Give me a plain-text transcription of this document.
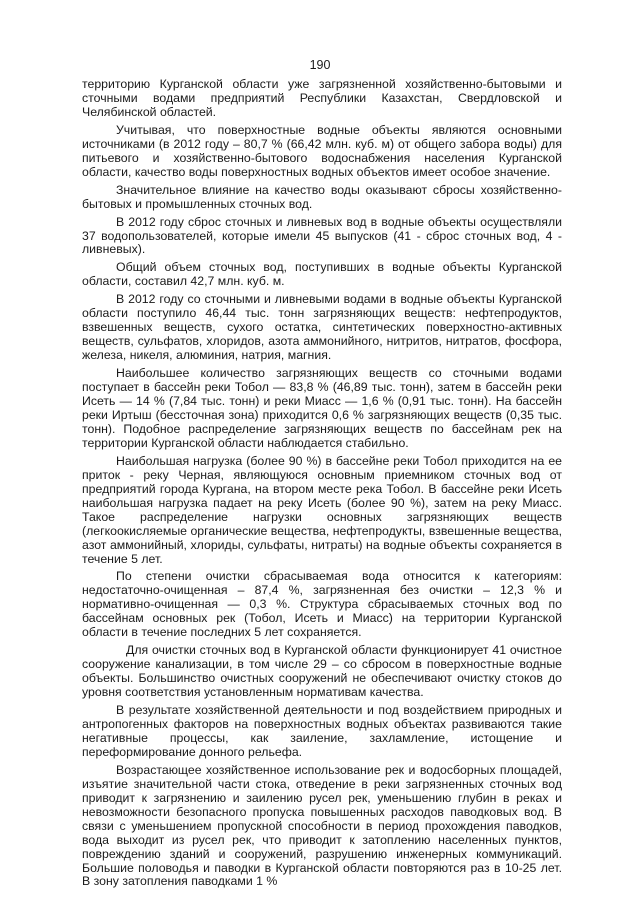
190

территорию Курганской области уже загрязненной хозяйственно-бытовыми и сточными водами предприятий Республики Казахстан, Свердловской и Челябинской областей.

Учитывая, что поверхностные водные объекты являются основными источниками (в 2012 году – 80,7 % (66,42 млн. куб. м) от общего забора воды) для питьевого и хозяйственно-бытового водоснабжения населения Курганской области, качество воды поверхностных водных объектов имеет особое значение.

Значительное влияние на качество воды оказывают сбросы хозяйственно-бытовых и промышленных сточных вод.

В 2012 году сброс сточных и ливневых вод в водные объекты осуществляли 37 водопользователей, которые имели 45 выпусков (41 - сброс сточных вод, 4 - ливневых).

Общий объем сточных вод, поступивших в водные объекты Курганской области, составил 42,7 млн. куб. м.

В 2012 году со сточными и ливневыми водами в водные объекты Курганской области поступило 46,44 тыс. тонн загрязняющих веществ: нефтепродуктов, взвешенных веществ, сухого остатка, синтетических поверхностно-активных веществ, сульфатов, хлоридов, азота аммонийного, нитритов, нитратов, фосфора, железа, никеля, алюминия, натрия, магния.

Наибольшее количество загрязняющих веществ со сточными водами поступает в бассейн реки Тобол — 83,8 % (46,89 тыс. тонн), затем в бассейн реки Исеть — 14 % (7,84 тыс. тонн) и реки Миасс — 1,6 % (0,91 тыс. тонн). На бассейн реки Иртыш (бессточная зона) приходится 0,6 % загрязняющих веществ (0,35 тыс. тонн). Подобное распределение загрязняющих веществ по бассейнам рек на территории Курганской области наблюдается стабильно.

Наибольшая нагрузка (более 90 %) в бассейне реки Тобол приходится на ее приток - реку Черная, являющуюся основным приемником сточных вод от предприятий города Кургана, на втором месте река Тобол. В бассейне реки Исеть наибольшая нагрузка падает на реку Исеть (более 90 %), затем на реку Миасс. Такое распределение нагрузки основных загрязняющих веществ (легкоокисляемые органические вещества, нефтепродукты, взвешенные вещества, азот аммонийный, хлориды, сульфаты, нитраты) на водные объекты сохраняется в течение 5 лет.

По степени очистки сбрасываемая вода относится к категориям: недостаточно-очищенная – 87,4 %, загрязненная без очистки – 12,3 % и нормативно-очищенная — 0,3 %. Структура сбрасываемых сточных вод по бассейнам основных рек (Тобол, Исеть и Миасс) на территории Курганской области в течение последних 5 лет сохраняется.

Для очистки сточных вод в Курганской области функционирует 41 очистное сооружение канализации, в том числе 29 – со сбросом в поверхностные водные объекты. Большинство очистных сооружений не обеспечивают очистку стоков до уровня соответствия установленным нормативам качества.

В результате хозяйственной деятельности и под воздействием природных и антропогенных факторов на поверхностных водных объектах развиваются такие негативные процессы, как заиление, захламление, истощение и переформирование донного рельефа.

Возрастающее хозяйственное использование рек и водосборных площадей, изъятие значительной части стока, отведение в реки загрязненных сточных вод приводит к загрязнению и заилению русел рек, уменьшению глубин в реках и невозможности безопасного пропуска повышенных расходов паводковых вод. В связи с уменьшением пропускной способности в период прохождения паводков, вода выходит из русел рек, что приводит к затоплению населенных пунктов, повреждению зданий и сооружений, разрушению инженерных коммуникаций. Большие половодья и паводки в Курганской области повторяются раз в 10-25 лет. В зону затопления паводками 1 %
